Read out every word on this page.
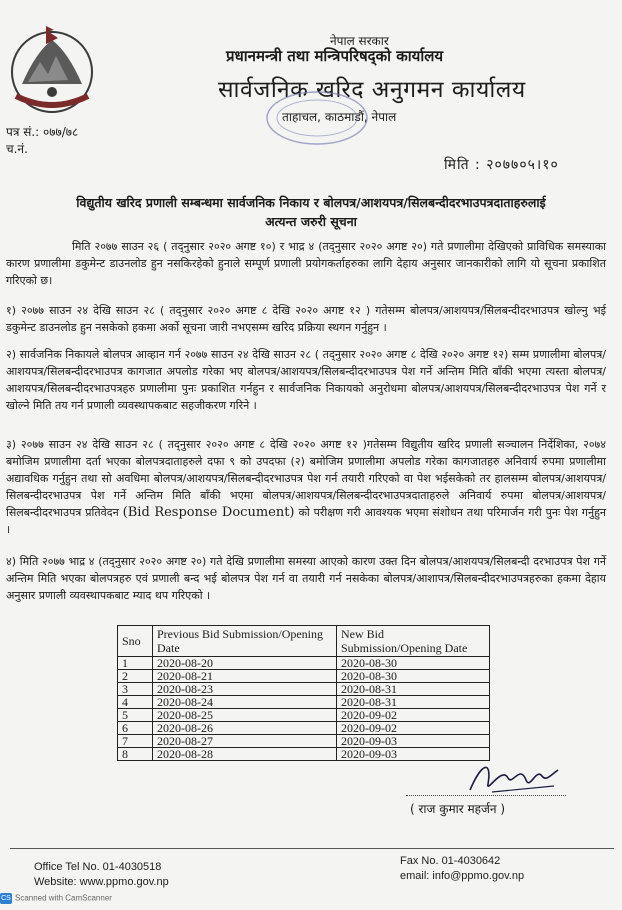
नेपाल सरकार
प्रधानमन्त्री तथा मन्त्रिपरिषद्को कार्यालय
सार्वजनिक खरिद अनुगमन कार्यालय
ताहाचल, काठमाडौं, नेपाल
पत्र सं.: ०७७/७८
च.नं.
मिति : २०७७०५।१०
विद्युतीय खरिद प्रणाली सम्बन्धमा सार्वजनिक निकाय र बोलपत्र/आशयपत्र/सिलबन्दीदरभाउपत्रदाताहरुलाई
अत्यन्त जरुरी सूचना
मिति २०७७ साउन २६ ( तद्नुसार २०२० अगष्ट १०) र भाद्र ४ (तद्नुसार २०२० अगष्ट २०) गते प्रणालीमा देखिएको प्राविधिक समस्याका कारण प्रणालीमा डकुमेन्ट डाउनलोड हुन नसकिरहेको हुनाले सम्पूर्ण प्रणाली प्रयोगकर्ताहरुका लागि देहाय अनुसार जानकारीको लागि यो सूचना प्रकाशित गरिएको छ।
१) २०७७ साउन २४ देखि साउन २८ ( तद्नुसार २०२० अगष्ट ८ देखि २०२० अगष्ट १२ ) गतेसम्म बोलपत्र/आशयपत्र/सिलबन्दीदरभाउपत्र खोल्नु भई डकुमेन्ट डाउनलोड हुन नसकेको हकमा अर्को सूचना जारी नभएसम्म खरिद प्रक्रिया स्थगन गर्नुहुन ।
२) सार्वजनिक निकायले बोलपत्र आव्हान गर्न २०७७ साउन २४ देखि साउन २८ ( तद्नुसार २०२० अगष्ट ८ देखि २०२० अगष्ट १२) सम्म प्रणालीमा बोलपत्र/आशयपत्र/सिलबन्दीदरभाउपत्र कागजात अपलोड गरेका भए बोलपत्र/आशयपत्र/सिलबन्दीदरभाउपत्र पेश गर्ने अन्तिम मिति बाँकी भएमा त्यस्ता बोलपत्र/आशयपत्र/सिलबन्दीदरभाउपत्रहरु प्रणालीमा पुनः प्रकाशित गर्नहुन र सार्वजनिक निकायको अनुरोधमा बोलपत्र/आशयपत्र/सिलबन्दीदरभाउपत्र पेश गर्ने र खोल्ने मिति तय गर्न प्रणाली व्यवस्थापकबाट सहजीकरण गरिने ।
३) २०७७ साउन २४ देखि साउन २८ ( तद्नुसार २०२० अगष्ट ८ देखि २०२० अगष्ट १२ )गतेसम्म विद्युतीय खरिद प्रणाली सञ्चालन निर्देशिका, २०७४ बमोजिम प्रणालीमा दर्ता भएका बोलपत्रदाताहरुले दफा ९ को उपदफा (२) बमोजिम प्रणालीमा अपलोड गरेका कागजातहरु अनिवार्य रुपमा प्रणालीमा अद्यावधिक गर्नुहुन तथा सो अवधिमा बोलपत्र/आशयपत्र/सिलबन्दीदरभाउपत्र पेश गर्न तयारी गरिएको वा पेश भईसकेको तर हालसम्म बोलपत्र/आशयपत्र/सिलबन्दीदरभाउपत्र पेश गर्ने अन्तिम मिति बाँकी भएमा बोलपत्र/आशयपत्र/सिलबन्दीदरभाउपत्रदाताहरुले अनिवार्य रुपमा बोलपत्र/आशयपत्र/सिलबन्दीदरभाउपत्र प्रतिवेदन (Bid Response Document) को परीक्षण गरी आवश्यक भएमा संशोधन तथा परिमार्जन गरी पुनः पेश गर्नुहुन ।
४) मिति २०७७ भाद्र ४ (तद्नुसार २०२० अगष्ट २०) गते देखि प्रणालीमा समस्या आएको कारण उक्त दिन बोलपत्र/आशयपत्र/सिलबन्दी दरभाउपत्र पेश गर्ने अन्तिम मिति भएका बोलपत्रहरु एवं प्रणाली बन्द भई बोलपत्र पेश गर्न वा तयारी गर्न नसकेका बोलपत्र/आशापत्र/सिलबन्दीदरभाउपत्रहरुका हकमा देहाय अनुसार प्रणाली व्यवस्थापकबाट म्याद थप गरिएको ।
Sno	Previous Bid Submission/Opening Date	New Bid Submission/Opening Date
1	2020-08-20	2020-08-30
2	2020-08-21	2020-08-30
3	2020-08-23	2020-08-31
4	2020-08-24	2020-08-31
5	2020-08-25	2020-09-02
6	2020-08-26	2020-09-02
7	2020-08-27	2020-09-03
8	2020-08-28	2020-09-03
( राज कुमार महर्जन )
Office Tel No. 01-4030518
Website: www.ppmo.gov.np
Fax No. 01-4030642
email: info@ppmo.gov.np
CS Scanned with CamScanner
